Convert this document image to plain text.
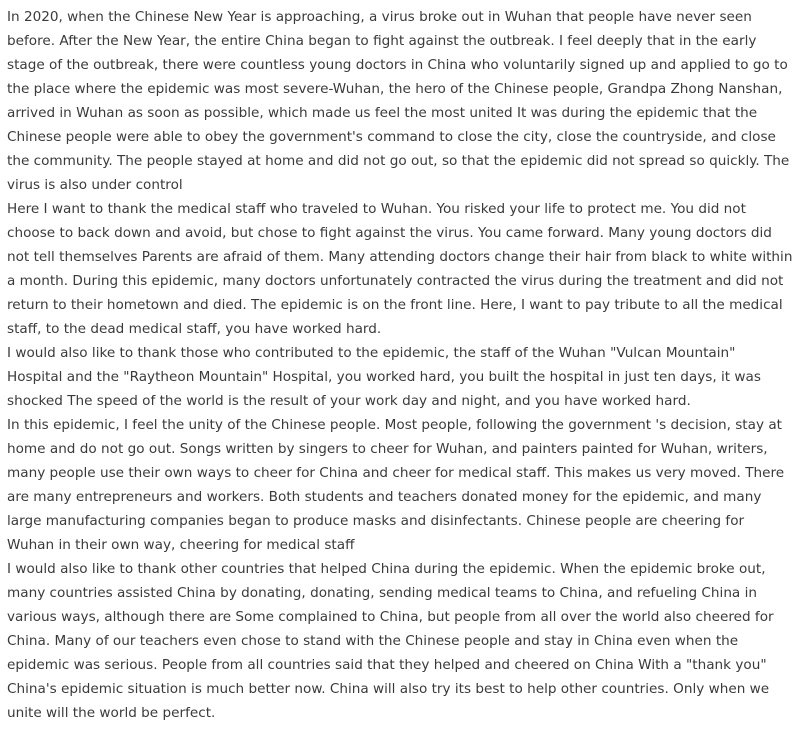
In 2020, when the Chinese New Year is approaching, a virus broke out in Wuhan that people have never seen before. After the New Year, the entire China began to fight against the outbreak. I feel deeply that in the early stage of the outbreak, there were countless young doctors in China who voluntarily signed up and applied to go to the place where the epidemic was most severe-Wuhan, the hero of the Chinese people, Grandpa Zhong Nanshan, arrived in Wuhan as soon as possible, which made us feel the most united It was during the epidemic that the Chinese people were able to obey the government's command to close the city, close the countryside, and close the community. The people stayed at home and did not go out, so that the epidemic did not spread so quickly. The virus is also under control

Here I want to thank the medical staff who traveled to Wuhan. You risked your life to protect me. You did not choose to back down and avoid, but chose to fight against the virus. You came forward. Many young doctors did not tell themselves Parents are afraid of them. Many attending doctors change their hair from black to white within a month. During this epidemic, many doctors unfortunately contracted the virus during the treatment and did not return to their hometown and died. The epidemic is on the front line. Here, I want to pay tribute to all the medical staff, to the dead medical staff, you have worked hard.

I would also like to thank those who contributed to the epidemic, the staff of the Wuhan "Vulcan Mountain" Hospital and the "Raytheon Mountain" Hospital, you worked hard, you built the hospital in just ten days, it was shocked The speed of the world is the result of your work day and night, and you have worked hard.

In this epidemic, I feel the unity of the Chinese people. Most people, following the government 's decision, stay at home and do not go out. Songs written by singers to cheer for Wuhan, and painters painted for Wuhan, writers, many people use their own ways to cheer for China and cheer for medical staff. This makes us very moved. There are many entrepreneurs and workers. Both students and teachers donated money for the epidemic, and many large manufacturing companies began to produce masks and disinfectants. Chinese people are cheering for Wuhan in their own way, cheering for medical staff

I would also like to thank other countries that helped China during the epidemic. When the epidemic broke out, many countries assisted China by donating, donating, sending medical teams to China, and refueling China in various ways, although there are Some complained to China, but people from all over the world also cheered for China. Many of our teachers even chose to stand with the Chinese people and stay in China even when the epidemic was serious. People from all countries said that they helped and cheered on China With a "thank you" China's epidemic situation is much better now. China will also try its best to help other countries. Only when we unite will the world be perfect.
